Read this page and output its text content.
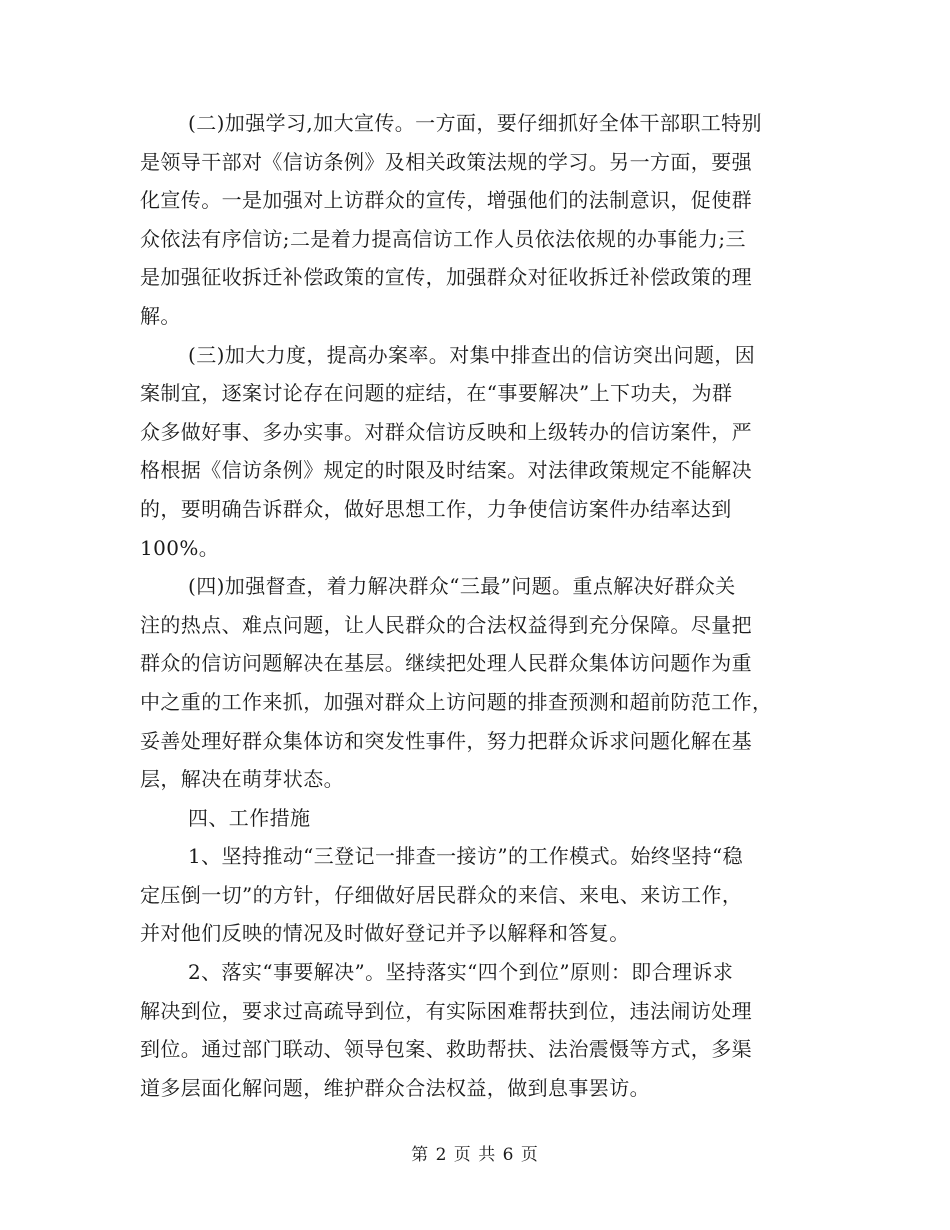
(二)加强学习,加大宣传。一方面，要仔细抓好全体干部职工特别
是领导干部对《信访条例》及相关政策法规的学习。另一方面，要强
化宣传。一是加强对上访群众的宣传，增强他们的法制意识，促使群
众依法有序信访;二是着力提高信访工作人员依法依规的办事能力;三
是加强征收拆迁补偿政策的宣传，加强群众对征收拆迁补偿政策的理
解。
(三)加大力度，提高办案率。对集中排查出的信访突出问题，因
案制宜，逐案讨论存在问题的症结，在“事要解决”上下功夫，为群
众多做好事、多办实事。对群众信访反映和上级转办的信访案件，严
格根据《信访条例》规定的时限及时结案。对法律政策规定不能解决
的，要明确告诉群众，做好思想工作，力争使信访案件办结率达到
100%。
(四)加强督查，着力解决群众“三最”问题。重点解决好群众关
注的热点、难点问题，让人民群众的合法权益得到充分保障。尽量把
群众的信访问题解决在基层。继续把处理人民群众集体访问题作为重
中之重的工作来抓，加强对群众上访问题的排查预测和超前防范工作，
妥善处理好群众集体访和突发性事件，努力把群众诉求问题化解在基
层，解决在萌芽状态。
四、工作措施
1、坚持推动“三登记一排查一接访”的工作模式。始终坚持“稳
定压倒一切”的方针，仔细做好居民群众的来信、来电、来访工作，
并对他们反映的情况及时做好登记并予以解释和答复。
2、落实“事要解决”。坚持落实“四个到位”原则：即合理诉求
解决到位，要求过高疏导到位，有实际困难帮扶到位，违法闹访处理
到位。通过部门联动、领导包案、救助帮扶、法治震慑等方式，多渠
道多层面化解问题，维护群众合法权益，做到息事罢访。
第 2 页 共 6 页
